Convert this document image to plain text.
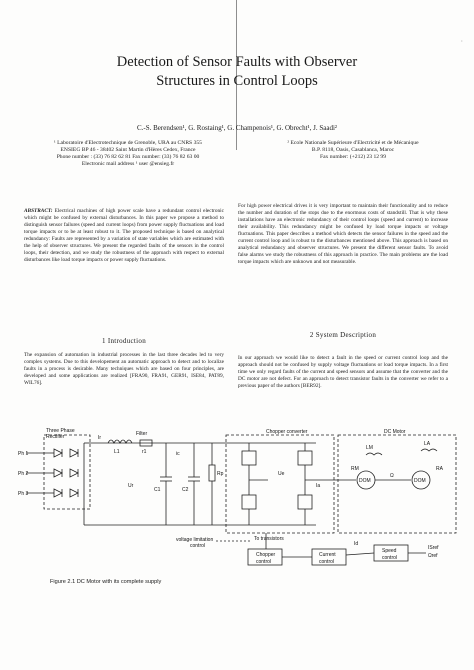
Detection of Sensor Faults with Observer
Structures in Control Loops
C.-S. Berendsen¹, G. Rostaing¹, G. Champenois¹, G. Obrecht¹, J. Saadi²
¹ Laboratoire d'Electrotechnique de Grenoble, URA au CNRS 355
ENSIEG BP 46 - 38402 Saint Martin d'Hères Cedex, France
Phone number : (33) 76 82 62 81 Fax number: (33) 76 82 63 00
Electronic mail address ¹ user @ensieg.fr
² Ecole Nationale Supérieure d'Electricité et de Mécanique
B.P. 8118, Oasis, Casablanca, Maroc
Fax number: (+212) 23 12 99

ABSTRACT: Electrical machines of high power scale have a redundant control electronic which might be confused by external disturbances. In this paper we propose a method to distinguish sensor failures (speed and current loops) from power supply fluctuations and load torque impacts or to be at least robust to it. The proposed technique is based on analytical redundancy: Faults are represented by a variation of state variables which are estimated with the help of observer structures. We present the regarded faults of the sensors in the control loops, their detection, and we study the robustness of the approach with respect to external disturbances like load torque impacts or power supply fluctuations.

For high power electrical drives it is very important to maintain their functionality and to reduce the number and duration of the stops due to the enormous costs of standstill. That is why these installations have an electronic redundancy of their control loops (speed and current) to increase their availability. This redundancy might be confused by load torque impacts or voltage fluctuations. This paper describes a method which detects the sensor failures in the speed and the current control loop and is robust to the disturbances mentioned above. This approach is based on analytical redundancy and observer structures. We present the different sensor faults. To avoid false alarms we study the robustness of this approach in practice. The main problems are the load torque impacts which are unknown and not measurable.

1 Introduction

The expansion of automation in industrial processes in the last three decades led to very complex systems. Due to this developement an automatic approach to detect and to localize faults in a process is desirable. Many techniques which are based on four principles, are developed and some applications are realized [FRA90, FRA91, GER91, ISE84, PAT89, WIL76].

2 System Description

In our approach we would like to detect a fault in the speed or current control loop and the approach should not be confused by supply voltage fluctuations or load torque impacts. In a first time we only regard faults of the current and speed sensors and assume that the converter and the DC motor are not defect. For an approach to detect transistor faults in the converter we refer to a previous paper of the authors [BER92].

Three Phase
Rectifier
Ph 1
Ph 2
Ph 3
Filter
L1	r1
Ir
Ur
C1	C2
ic
Rp
Chopper converter	DC Motor
DOM	DOM
LM
RM
LA
RA
Ia
Ue
Id
ISref
Ω
Ωref
voltage limitation
control
To transistors
Chopper
control
Current
control
Speed
control
Figure 2.1 DC Motor with its complete supply
·
